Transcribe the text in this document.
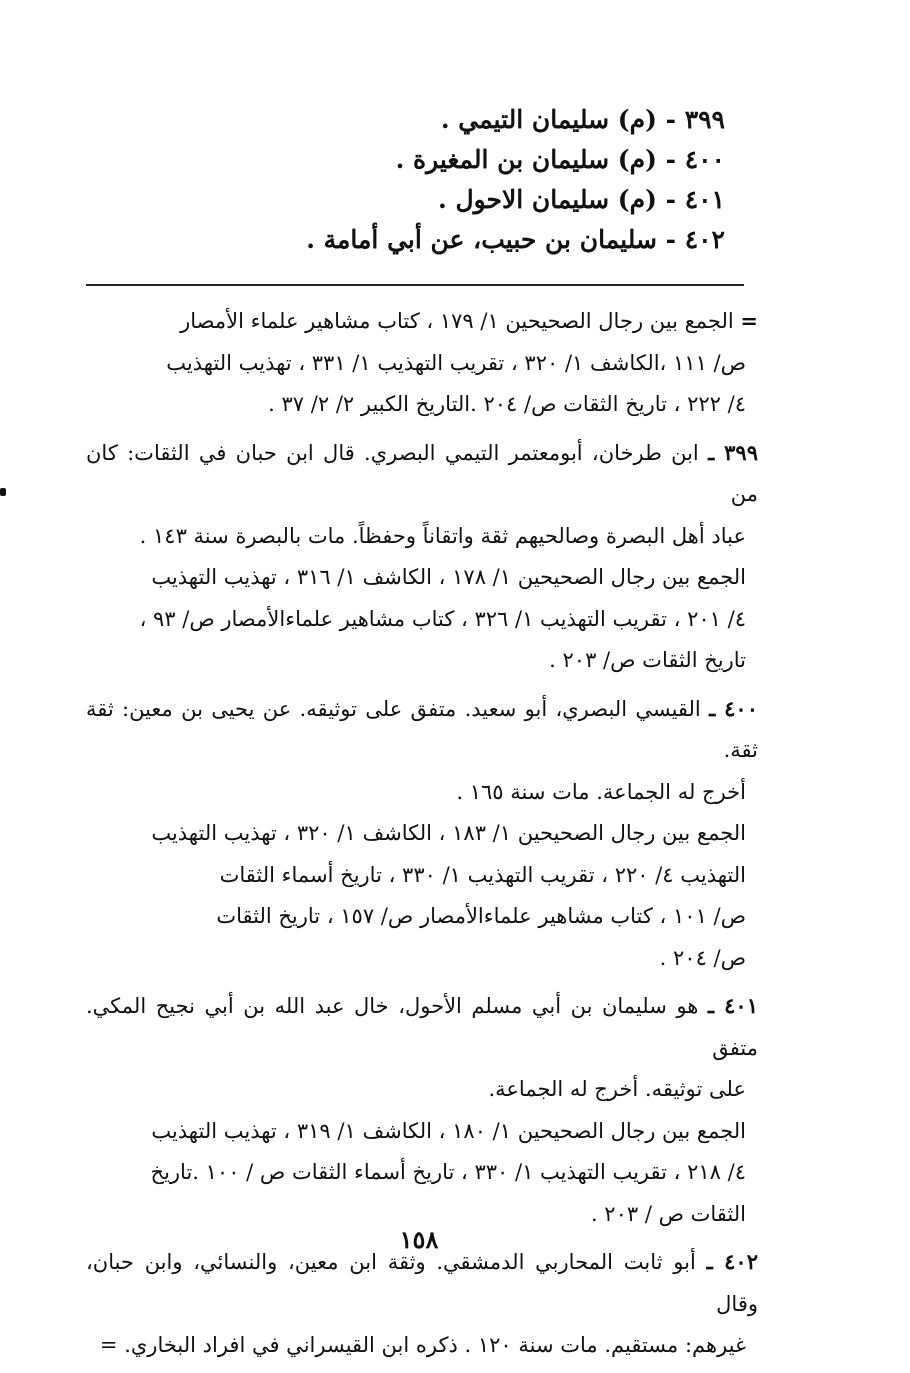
٣٩٩ - (م) سليمان التيمي .
٤٠٠ - (م) سليمان بن المغيرة .
٤٠١ - (م) سليمان الاحول .
٤٠٢ - سليمان بن حبيب، عن أبي أمامة .
= الجمع بين رجال الصحيحين ١/ ١٧٩ ، كتاب مشاهير علماء الأمصار
ص/ ١١١ ،الكاشف ١/ ٣٢٠ ، تقريب التهذيب ١/ ٣٣١ ، تهذيب التهذيب
٤/ ٢٢٢ ، تاريخ الثقات ص/ ٢٠٤ .التاريخ الكبير ٢/ ٢/ ٣٧ .
٣٩٩ ـ ابن طرخان، أبومعتمر التيمي البصري. قال ابن حبان في الثقات: كان من
عباد أهل البصرة وصالحيهم ثقة واتقاناً وحفظاً. مات بالبصرة سنة ١٤٣ .
الجمع بين رجال الصحيحين ١/ ١٧٨ ، الكاشف ١/ ٣١٦ ، تهذيب التهذيب
٤/ ٢٠١ ، تقريب التهذيب ١/ ٣٢٦ ، كتاب مشاهير علماءالأمصار ص/ ٩٣ ،
تاريخ الثقات ص/ ٢٠٣ .
٤٠٠ ـ القيسي البصري، أبو سعيد. متفق على توثيقه. عن يحيى بن معين: ثقة ثقة.
أخرج له الجماعة. مات سنة ١٦٥ .
الجمع بين رجال الصحيحين ١/ ١٨٣ ، الكاشف ١/ ٣٢٠ ، تهذيب التهذيب
التهذيب ٤/ ٢٢٠ ، تقريب التهذيب ١/ ٣٣٠ ، تاريخ أسماء الثقات
ص/ ١٠١ ، كتاب مشاهير علماءالأمصار ص/ ١٥٧ ، تاريخ الثقات
ص/ ٢٠٤ .
٤٠١ ـ هو سليمان بن أبي مسلم الأحول، خال عبد الله بن أبي نجيح المكي. متفق
على توثيقه. أخرج له الجماعة.
الجمع بين رجال الصحيحين ١/ ١٨٠ ، الكاشف ١/ ٣١٩ ، تهذيب التهذيب
٤/ ٢١٨ ، تقريب التهذيب ١/ ٣٣٠ ، تاريخ أسماء الثقات ص / ١٠٠ .تاريخ
الثقات ص / ٢٠٣ .
٤٠٢ ـ أبو ثابت المحاربي الدمشقي. وثقة ابن معين، والنسائي، وابن حبان، وقال
غيرهم: مستقيم. مات سنة ١٢٠ . ذكره ابن القيسراني في افراد البخاري. =
١٥٨
